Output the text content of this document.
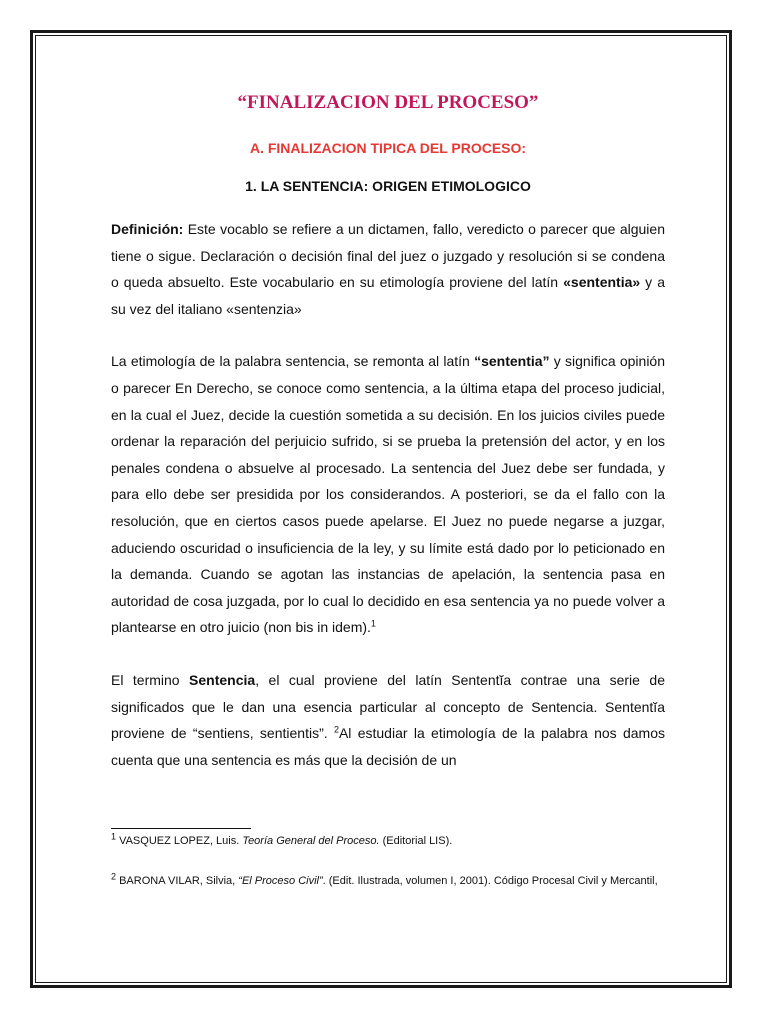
“FINALIZACION DEL PROCESO”
A. FINALIZACION TIPICA DEL PROCESO:
1. LA SENTENCIA: ORIGEN ETIMOLOGICO

Definición: Este vocablo se refiere a un dictamen, fallo, veredicto o parecer que alguien tiene o sigue. Declaración o decisión final del juez o juzgado y resolución si se condena o queda absuelto. Este vocabulario en su etimología proviene del latín «sententia» y a su vez del italiano «sentenzia»

La etimología de la palabra sentencia, se remonta al latín “sententia” y significa opinión o parecer En Derecho, se conoce como sentencia, a la última etapa del proceso judicial, en la cual el Juez, decide la cuestión sometida a su decisión. En los juicios civiles puede ordenar la reparación del perjuicio sufrido, si se prueba la pretensión del actor, y en los penales condena o absuelve al procesado. La sentencia del Juez debe ser fundada, y para ello debe ser presidida por los considerandos. A posteriori, se da el fallo con la resolución, que en ciertos casos puede apelarse. El Juez no puede negarse a juzgar, aduciendo oscuridad o insuficiencia de la ley, y su límite está dado por lo peticionado en la demanda. Cuando se agotan las instancias de apelación, la sentencia pasa en autoridad de cosa juzgada, por lo cual lo decidido en esa sentencia ya no puede volver a plantearse en otro juicio (non bis in idem).$^1$

El termino Sentencia, el cual proviene del latín Sententĭa contrae una serie de significados que le dan una esencia particular al concepto de Sentencia. Sententĭa proviene de “sentiens, sentientis”. $^2$Al estudiar la etimología de la palabra nos damos cuenta que una sentencia es más que la decisión de un

$^1$ VASQUEZ LOPEZ, Luis. Teoría General del Proceso. (Editorial LIS).

$^2$ BARONA VILAR, Silvia, “El Proceso Civil”. (Edit. Ilustrada, volumen I, 2001). Código Procesal Civil y Mercantil,
